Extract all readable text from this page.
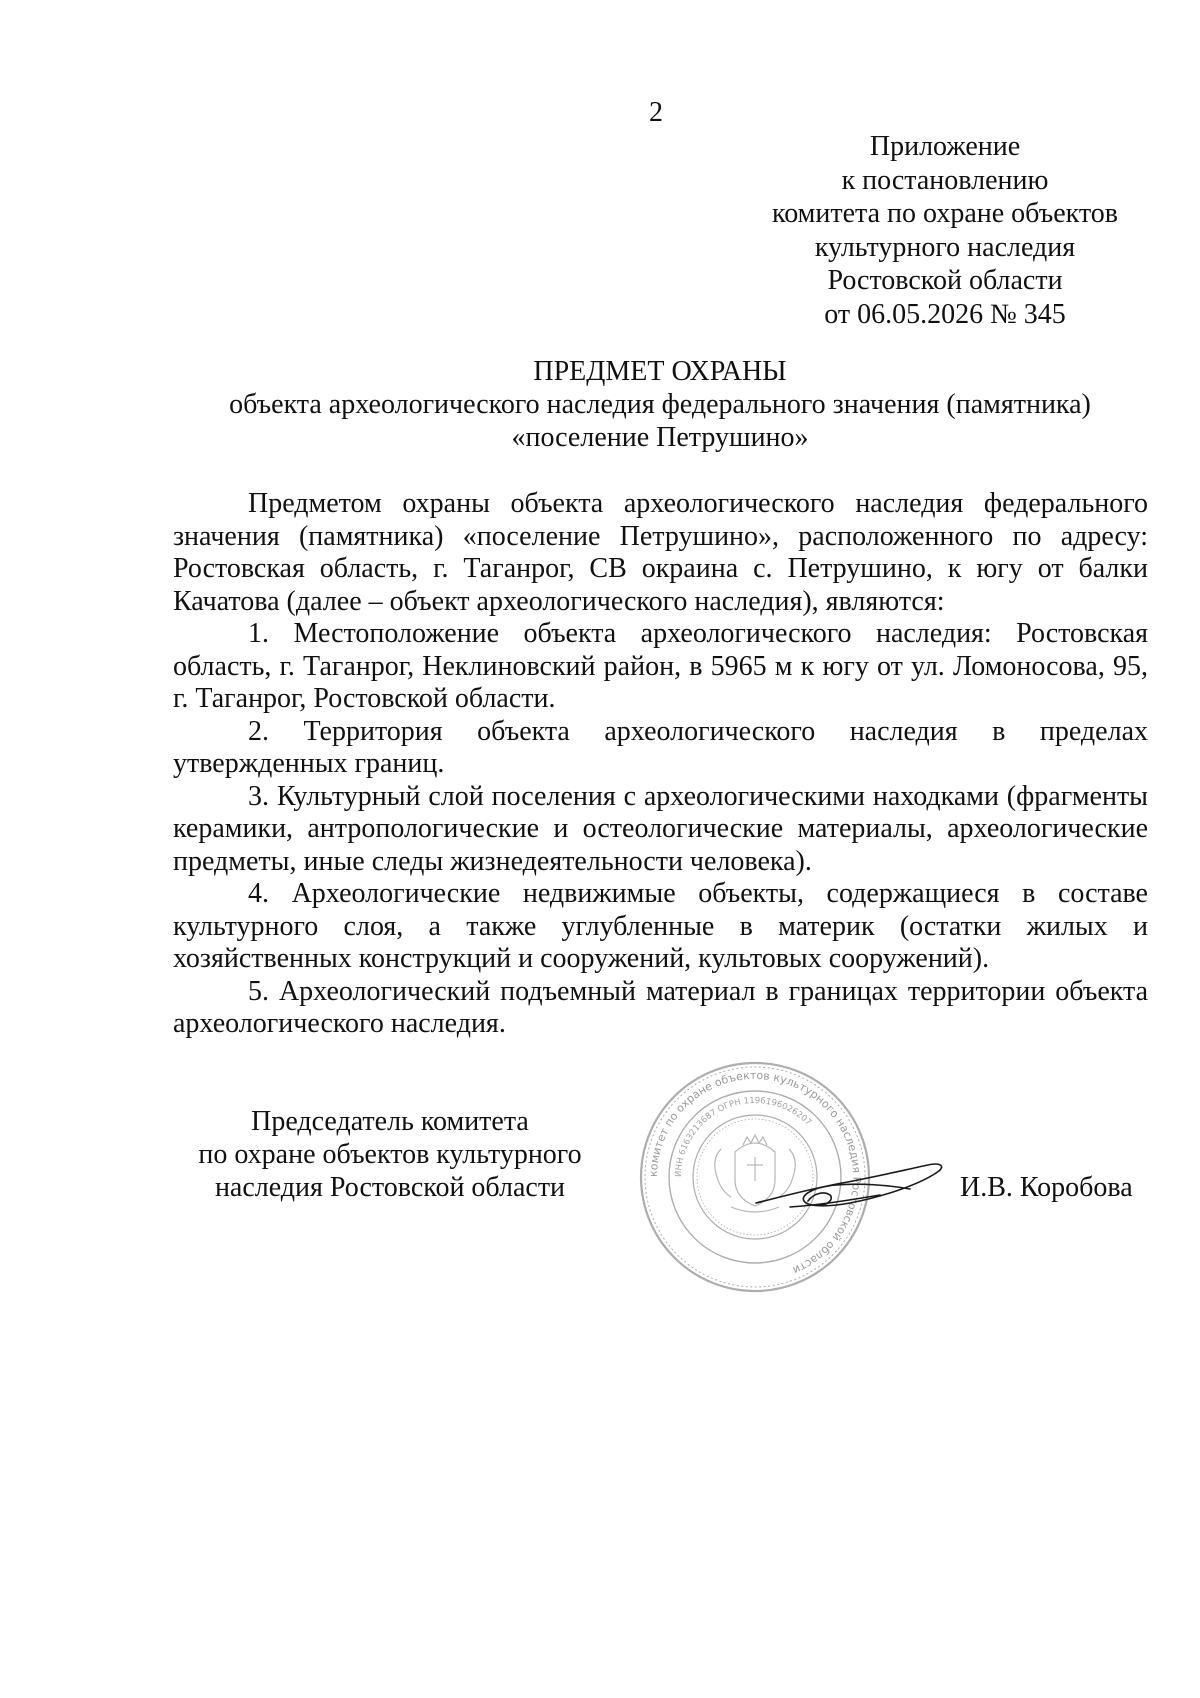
2
Приложение
к постановлению
комитета по охране объектов
культурного наследия
Ростовской области
от 06.05.2026 № 345
ПРЕДМЕТ ОХРАНЫ
объекта археологического наследия федерального значения (памятника)
«поселение Петрушино»

Предметом охраны объекта археологического наследия федерального значения (памятника) «поселение Петрушино», расположенного по адресу: Ростовская область, г. Таганрог, СВ окраина с. Петрушино, к югу от балки Качатова (далее – объект археологического наследия), являются:

1. Местоположение объекта археологического наследия: Ростовская область, г. Таганрог, Неклиновский район, в 5965 м к югу от ул. Ломоносова, 95, г. Таганрог, Ростовской области.

2. Территория объекта археологического наследия в пределах утвержденных границ.

3. Культурный слой поселения с археологическими находками (фрагменты керамики, антропологические и остеологические материалы, археологические предметы, иные следы жизнедеятельности человека).

4. Археологические недвижимые объекты, содержащиеся в составе культурного слоя, а также углубленные в материк (остатки жилых и хозяйственных конструкций и сооружений, культовых сооружений).

5. Археологический подъемный материал в границах территории объекта археологического наследия.

Председатель комитета
по охране объектов культурного
наследия Ростовской области	комитет по охране объектов культурного наследия Ростовской области
ИНН 6163213687 ОГРН 1196196026207
И.В. Коробова
